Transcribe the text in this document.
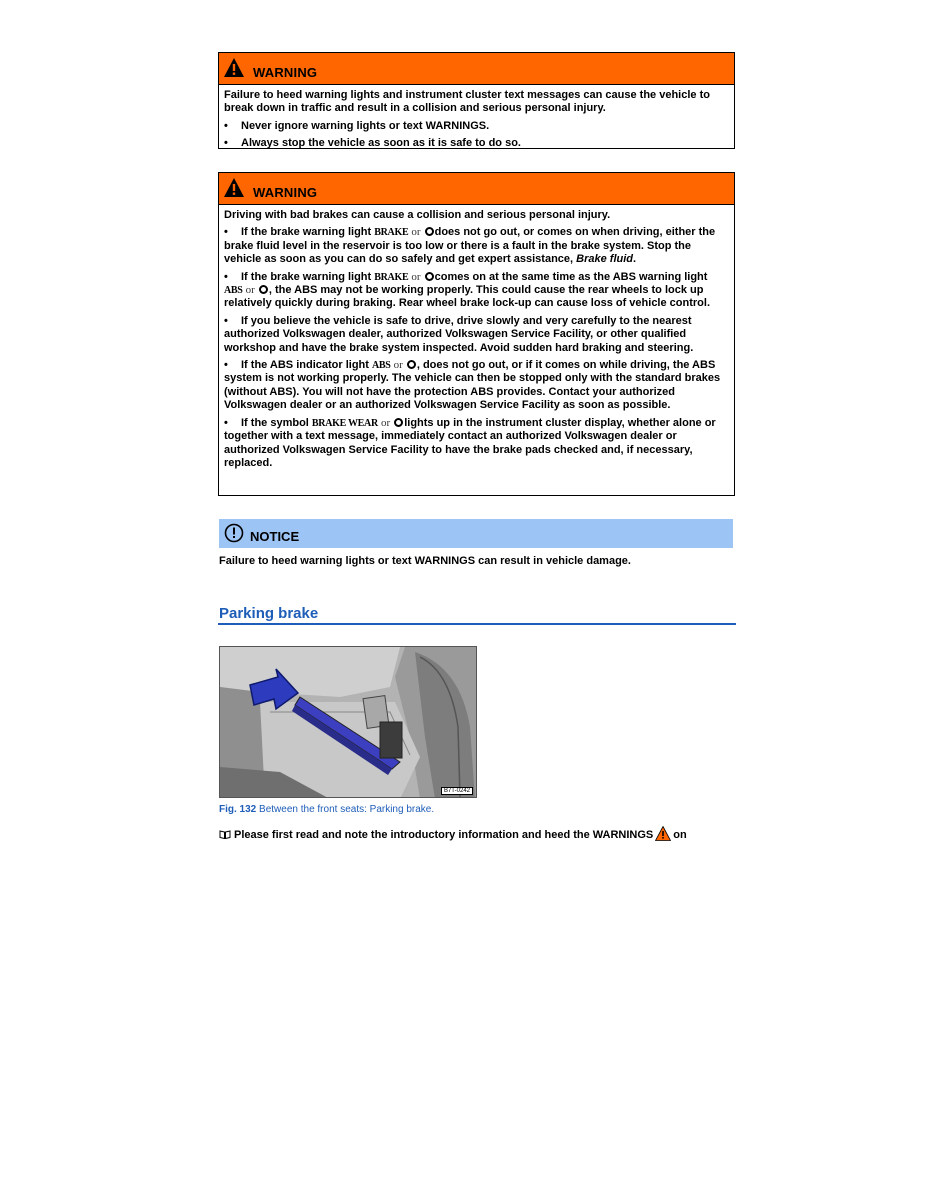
WARNING

Failure to heed warning lights and instrument cluster text messages can cause the vehicle to break down in traffic and result in a collision and serious personal injury.

• Never ignore warning lights or text WARNINGS.

• Always stop the vehicle as soon as it is safe to do so.

WARNING

Driving with bad brakes can cause a collision and serious personal injury.

• If the brake warning light BRAKE or does not go out, or comes on when driving, either the brake fluid level in the reservoir is too low or there is a fault in the brake system. Stop the vehicle as soon as you can do so safely and get expert assistance, Brake fluid.

• If the brake warning light BRAKE or comes on at the same time as the ABS warning light ABS or , the ABS may not be working properly. This could cause the rear wheels to lock up relatively quickly during braking. Rear wheel brake lock-up can cause loss of vehicle control.

• If you believe the vehicle is safe to drive, drive slowly and very carefully to the nearest authorized Volkswagen dealer, authorized Volkswagen Service Facility, or other qualified workshop and have the brake system inspected. Avoid sudden hard braking and steering.

• If the ABS indicator light ABS or , does not go out, or if it comes on while driving, the ABS system is not working properly. The vehicle can then be stopped only with the standard brakes (without ABS). You will not have the protection ABS provides. Contact your authorized Volkswagen dealer or an authorized Volkswagen Service Facility as soon as possible.

• If the symbol BRAKE WEAR or lights up in the instrument cluster display, whether alone or together with a text message, immediately contact an authorized Volkswagen dealer or authorized Volkswagen Service Facility to have the brake pads checked and, if necessary, replaced.

NOTICE
Failure to heed warning lights or text WARNINGS can result in vehicle damage.
Parking brake
B7T-0242
Fig. 132 Between the front seats: Parking brake.
Please first read and note the introductory information and heed the WARNINGS on
